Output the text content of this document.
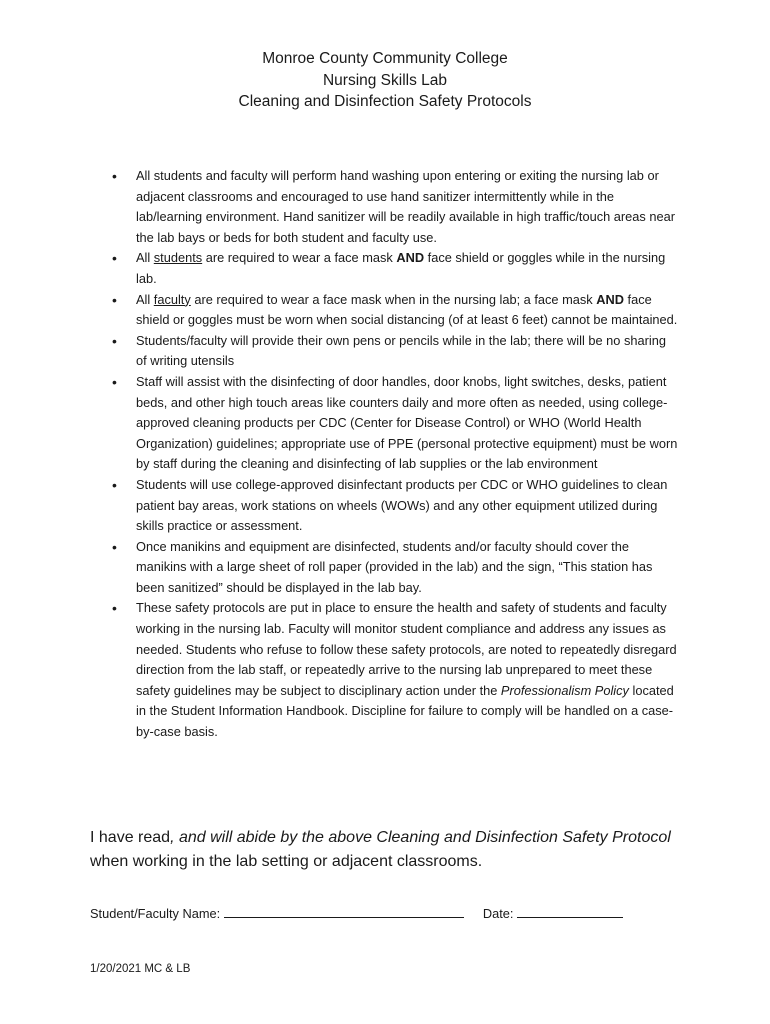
Monroe County Community College
Nursing Skills Lab
Cleaning and Disinfection Safety Protocols
• All students and faculty will perform hand washing upon entering or exiting the nursing lab or adjacent classrooms and encouraged to use hand sanitizer intermittently while in the lab/learning environment. Hand sanitizer will be readily available in high traffic/touch areas near the lab bays or beds for both student and faculty use.
• All students are required to wear a face mask AND face shield or goggles while in the nursing lab.
• All faculty are required to wear a face mask when in the nursing lab; a face mask AND face shield or goggles must be worn when social distancing (of at least 6 feet) cannot be maintained.
• Students/faculty will provide their own pens or pencils while in the lab; there will be no sharing of writing utensils
• Staff will assist with the disinfecting of door handles, door knobs, light switches, desks, patient beds, and other high touch areas like counters daily and more often as needed, using college-approved cleaning products per CDC (Center for Disease Control) or WHO (World Health Organization) guidelines; appropriate use of PPE (personal protective equipment) must be worn by staff during the cleaning and disinfecting of lab supplies or the lab environment
• Students will use college-approved disinfectant products per CDC or WHO guidelines to clean patient bay areas, work stations on wheels (WOWs) and any other equipment utilized during skills practice or assessment.
• Once manikins and equipment are disinfected, students and/or faculty should cover the manikins with a large sheet of roll paper (provided in the lab) and the sign, “This station has been sanitized” should be displayed in the lab bay.
• These safety protocols are put in place to ensure the health and safety of students and faculty working in the nursing lab. Faculty will monitor student compliance and address any issues as needed. Students who refuse to follow these safety protocols, are noted to repeatedly disregard direction from the lab staff, or repeatedly arrive to the nursing lab unprepared to meet these safety guidelines may be subject to disciplinary action under the Professionalism Policy located in the Student Information Handbook. Discipline for failure to comply will be handled on a case-by-case basis.
I have read, and will abide by the above Cleaning and Disinfection Safety Protocol when working in the lab setting or adjacent classrooms.
Student/Faculty Name:	Date:
1/20/2021 MC & LB
